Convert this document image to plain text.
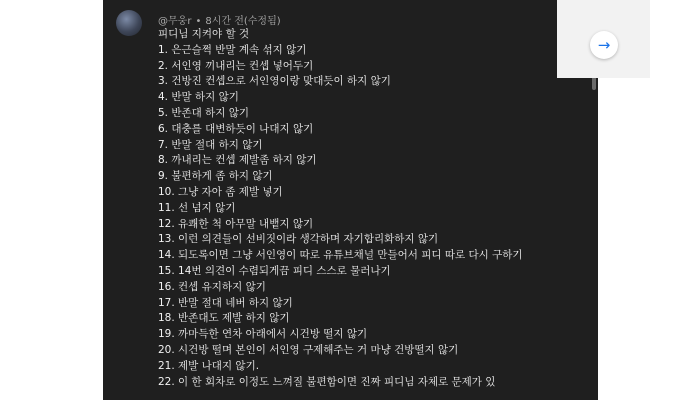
@무웅r • 8시간 전(수정됨)
피디님 지켜야 할 것
1. 은근슬쩍 반말 계속 섞지 않기
2. 서인영 끼내리는 컨셉 넣어두기
3. 건방진 컨셉으로 서인영이랑 맞대듯이 하지 않기
4. 반말 하지 않기
5. 반존대 하지 않기
6. 대충를 대변하듯이 나대지 않기
7. 반말 절대 하지 않기
8. 까내리는 컨셉 제발좀 하지 않기
9. 불편하게 좀 하지 않기
10. 그냥 자아 좀 제발 넣기
11. 선 넘지 않기
12. 유쾌한 척 아무말 내뱉지 않기
13. 이런 의견들이 선비짓이라 생각하며 자기합리화하지 않기
14. 되도록이면 그냥 서인영이 따로 유튜브채널 만들어서 피디 따로 다시 구하기
15. 14번 의견이 수렴되게끔 피디 스스로 물러나기
16. 컨셉 유지하지 않기
17. 반말 절대 네버 하지 않기
18. 반존대도 제발 하지 않기
19. 까마득한 연차 아래에서 시건방 떨지 않기
20. 시건방 떨며 본인이 서인영 구제해주는 거 마냥 건방떨지 않기
21. 제발 나대지 않기.
22. 이 한 회차로 이정도 느껴질 불편함이면 진짜 피디님 자체로 문제가 있
→
